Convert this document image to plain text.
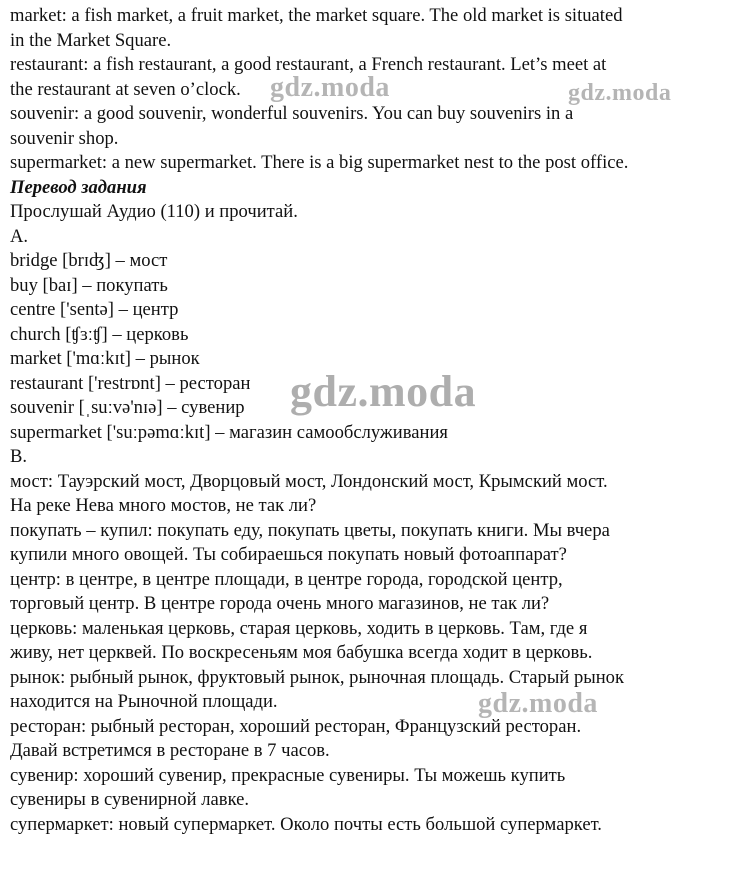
market: a fish market, a fruit market, the market square. The old market is situated
in the Market Square.
restaurant: a fish restaurant, a good restaurant, a French restaurant. Let’s meet at
the restaurant at seven o’clock.
souvenir: a good souvenir, wonderful souvenirs. You can buy souvenirs in a
souvenir shop.
supermarket: a new supermarket. There is a big supermarket nest to the post office.
Перевод задания
Прослушай Аудио (110) и прочитай.
A.
bridge [brɪʤ] – мост
buy [baɪ] – покупать
centre ['sentə] – центр
church [ʧɜːʧ] – церковь
market ['mɑːkɪt] – рынок
restaurant ['restrɒnt] – ресторан
souvenir [ˌsuːvə'nɪə] – сувенир
supermarket ['suːpəmɑːkɪt] – магазин самообслуживания
B.
мост: Тауэрский мост, Дворцовый мост, Лондонский мост, Крымский мост.
На реке Нева много мостов, не так ли?
покупать – купил: покупать еду, покупать цветы, покупать книги. Мы вчера
купили много овощей. Ты собираешься покупать новый фотоаппарат?
центр: в центре, в центре площади, в центре города, городской центр,
торговый центр. В центре города очень много магазинов, не так ли?
церковь: маленькая церковь, старая церковь, ходить в церковь. Там, где я
живу, нет церквей. По воскресеньям моя бабушка всегда ходит в церковь.
рынок: рыбный рынок, фруктовый рынок, рыночная площадь. Старый рынок
находится на Рыночной площади.
ресторан: рыбный ресторан, хороший ресторан, Французский ресторан.
Давай встретимся в ресторане в 7 часов.
сувенир: хороший сувенир, прекрасные сувениры. Ты можешь купить
сувениры в сувенирной лавке.
супермаркет: новый супермаркет. Около почты есть большой супермаркет.
gdz.moda	gdz.moda
gdz.moda
gdz.moda
